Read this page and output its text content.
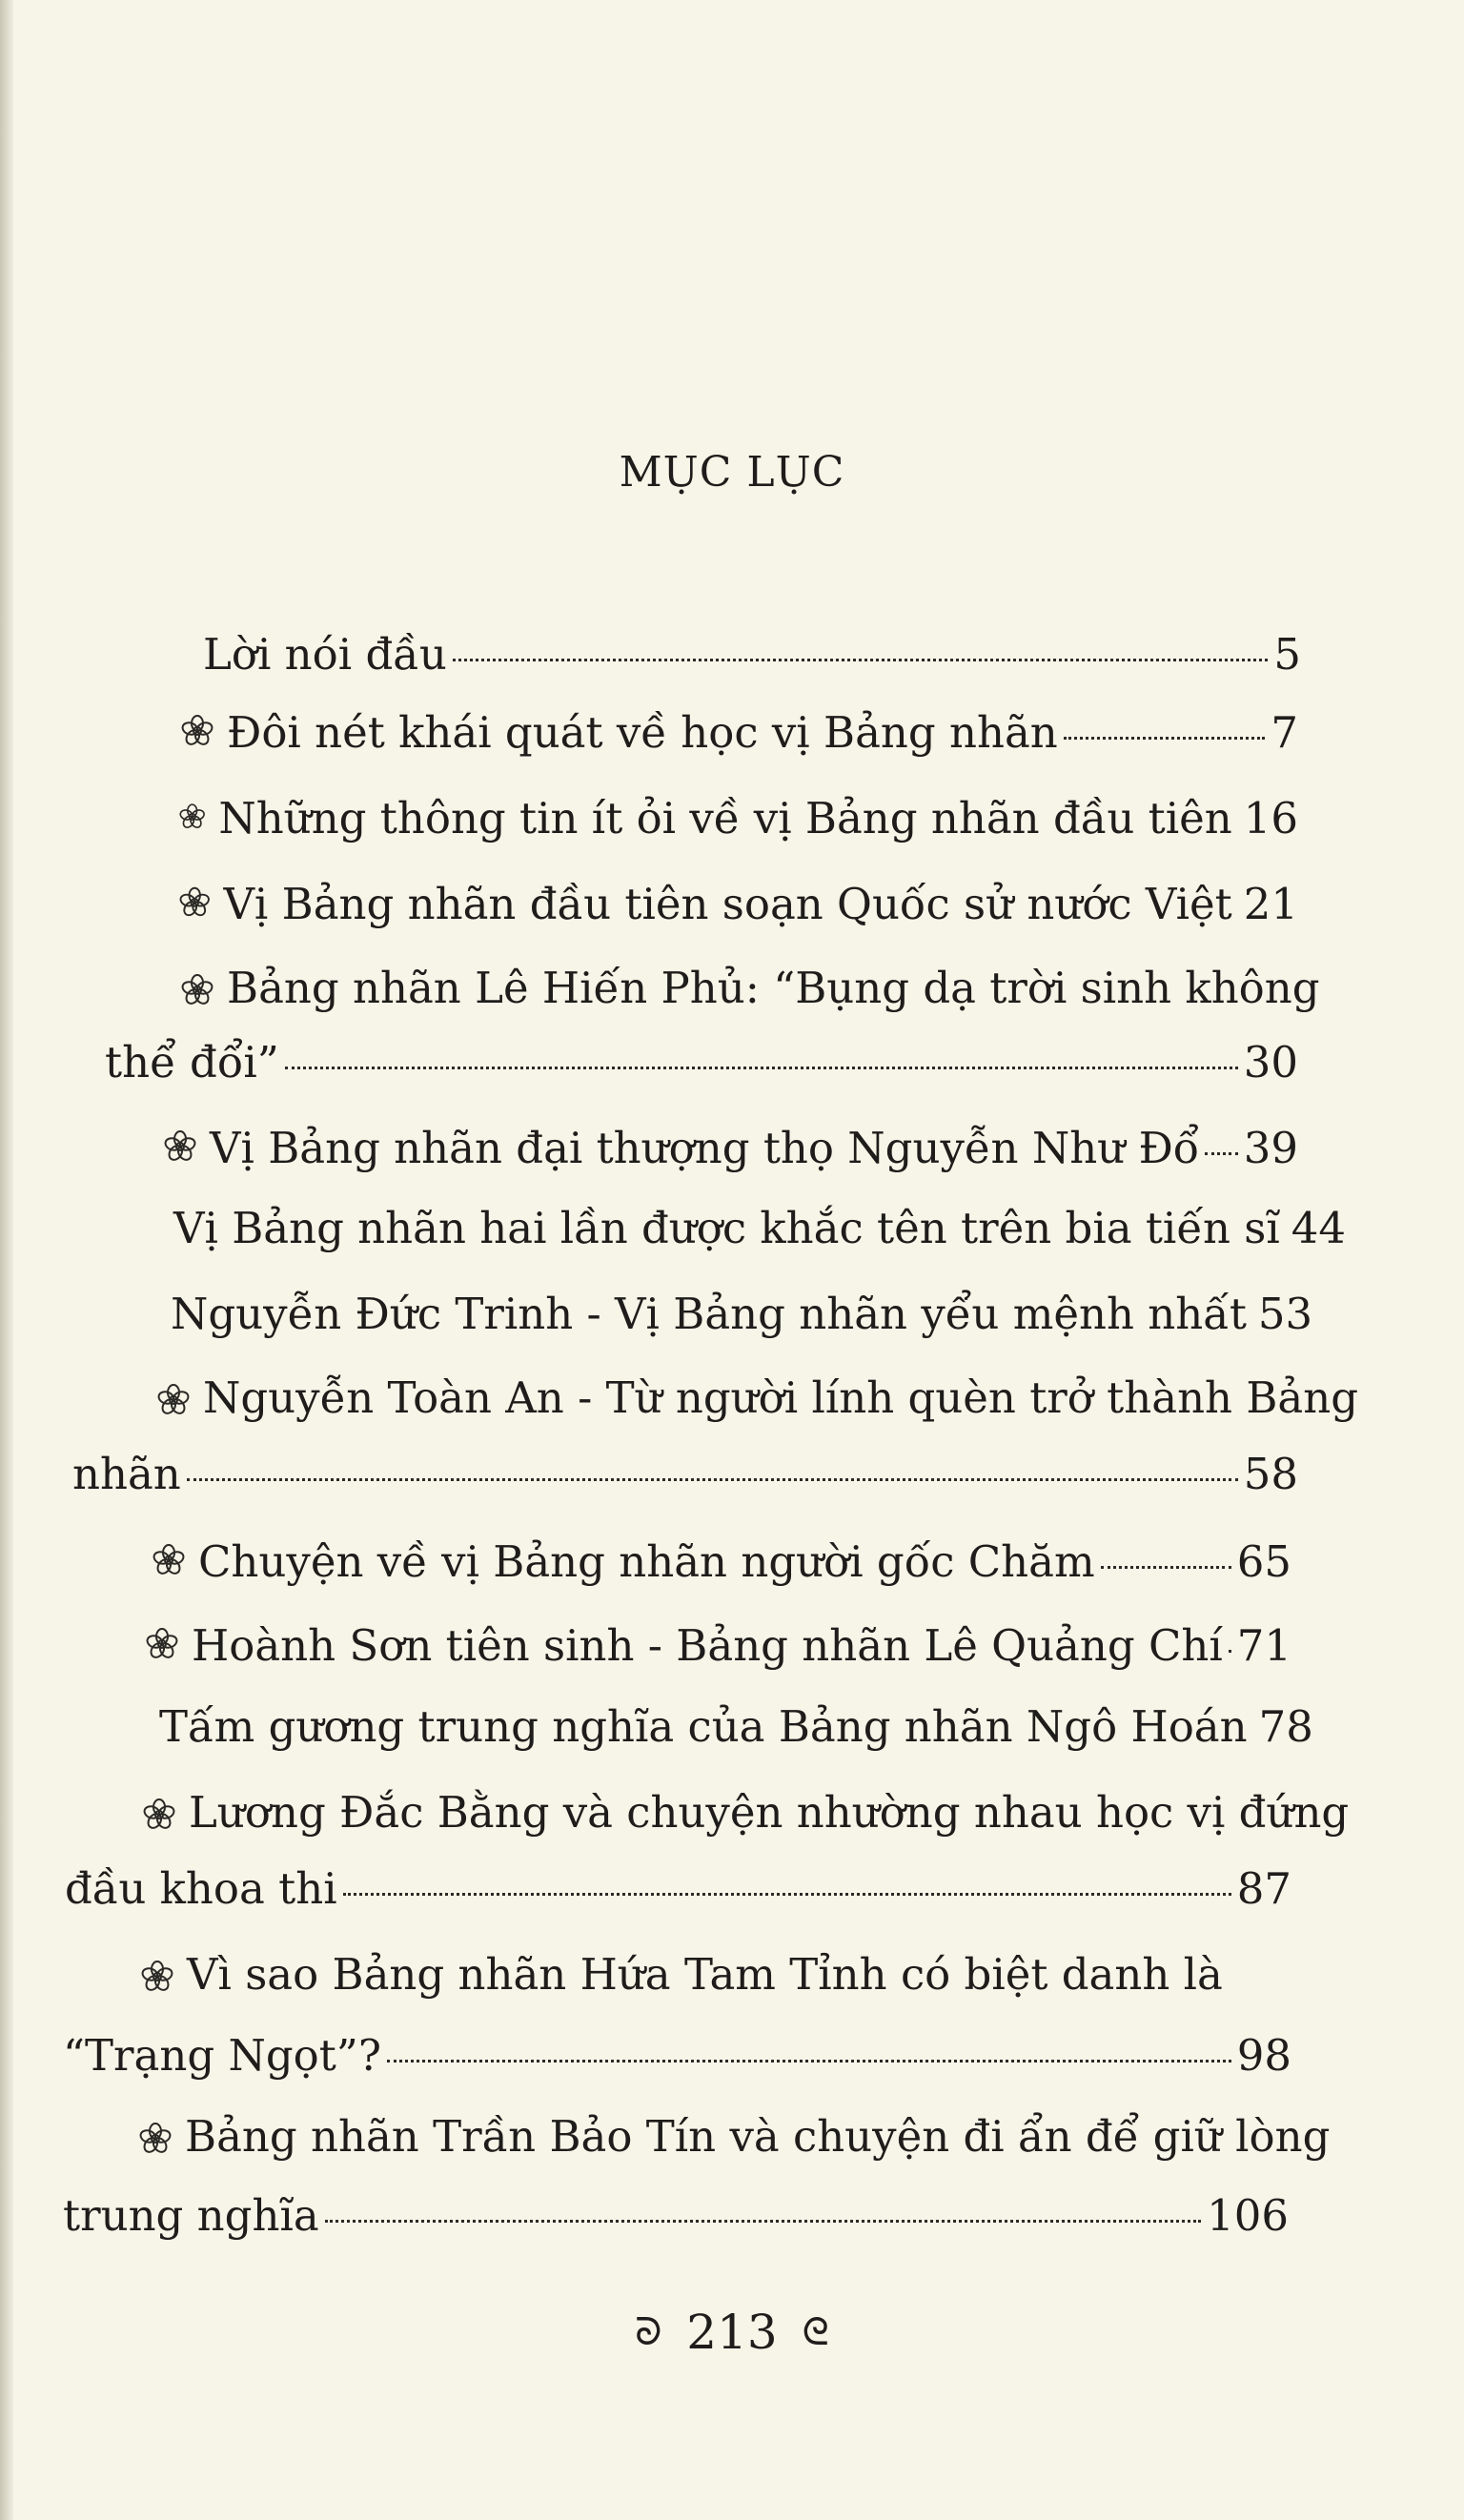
MỤC LỤC
Lời nói đầu	5
Đôi nét khái quát về học vị Bảng nhãn	7
Những thông tin ít ỏi về vị Bảng nhãn đầu tiên 16
Vị Bảng nhãn đầu tiên soạn Quốc sử nước Việt 21
Bảng nhãn Lê Hiến Phủ: “Bụng dạ trời sinh không
thể đổi”	30
Vị Bảng nhãn đại thượng thọ Nguyễn Như Đổ 39
Vị Bảng nhãn hai lần được khắc tên trên bia tiến sĩ 44
Nguyễn Đức Trinh - Vị Bảng nhãn yểu mệnh nhất 53
Nguyễn Toàn An - Từ người lính quèn trở thành Bảng
nhãn	58
Chuyện về vị Bảng nhãn người gốc Chăm	65
Hoành Sơn tiên sinh - Bảng nhãn Lê Quảng Chí 71
Tấm gương trung nghĩa của Bảng nhãn Ngô Hoán 78
Lương Đắc Bằng và chuyện nhường nhau học vị đứng
đầu khoa thi	87
Vì sao Bảng nhãn Hứa Tam Tỉnh có biệt danh là
“Trạng Ngọt”?	98
Bảng nhãn Trần Bảo Tín và chuyện đi ẩn để giữ lòng
trung nghĩa	106
ᘐ 213 ᘓ
